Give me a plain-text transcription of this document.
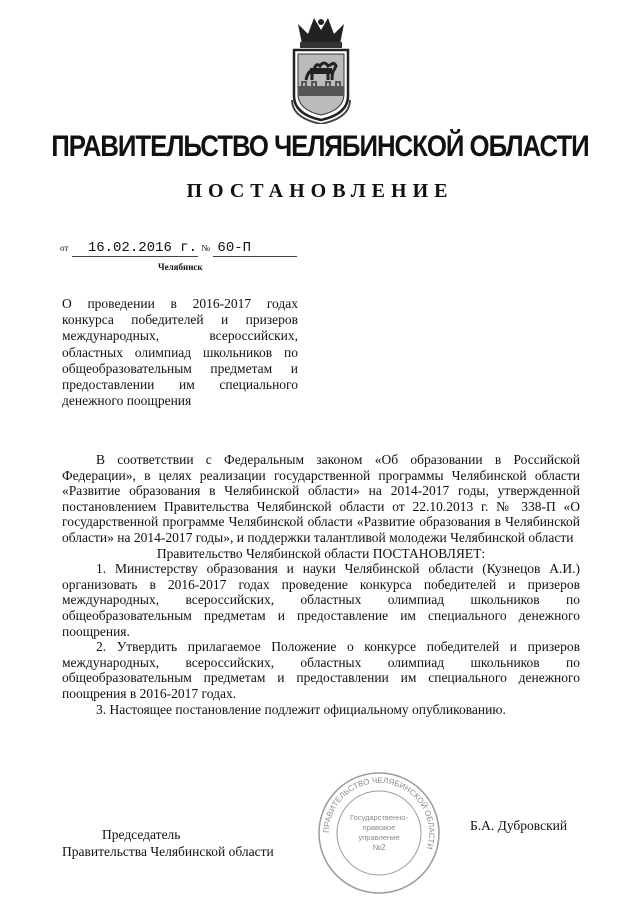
ПРАВИТЕЛЬСТВО ЧЕЛЯБИНСКОЙ ОБЛАСТИ
ПОСТАНОВЛЕНИЕ
от 16.02.2016 г. № 60-П
Челябинск
О проведении в 2016-2017 годах конкурса победителей и призеров международных, всероссийских, областных олимпиад школьников по общеобразовательным предметам и предоставлении им специального денежного поощрения

В соответствии с Федеральным законом «Об образовании в Российской Федерации», в целях реализации государственной программы Челябинской области «Развитие образования в Челябинской области» на 2014-2017 годы, утвержденной постановлением Правительства Челябинской области от 22.10.2013 г. № 338-П «О государственной программе Челябинской области «Развитие образования в Челябинской области» на 2014-2017 годы», и поддержки талантливой молодежи Челябинской области

Правительство Челябинской области ПОСТАНОВЛЯЕТ:

1. Министерству образования и науки Челябинской области (Кузнецов А.И.) организовать в 2016-2017 годах проведение конкурса победителей и призеров международных, всероссийских, областных олимпиад школьников по общеобразовательным предметам и предоставление им специального денежного поощрения.

2. Утвердить прилагаемое Положение о конкурсе победителей и призеров международных, всероссийских, областных олимпиад школьников по общеобразовательным предметам и предоставлении им специального денежного поощрения в 2016-2017 годах.

3. Настоящее постановление подлежит официальному опубликованию.

Председатель
Правительства Челябинской области
Б.А. Дубровский
ПРАВИТЕЛЬСТВО ЧЕЛЯБИНСКОЙ ОБЛАСТИ
Государственно-
правовое
управление
№2
